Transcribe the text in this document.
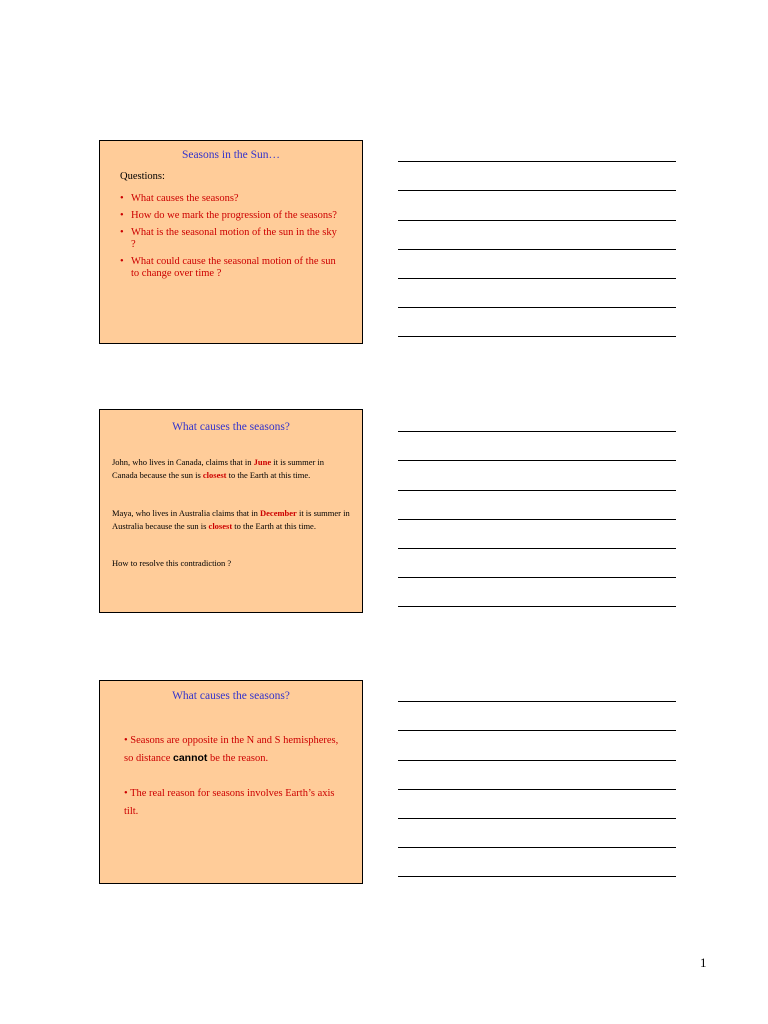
Seasons in the Sun…
Questions:
• What causes the seasons?
• How do we mark the progression of the seasons?
• What is the seasonal motion of the sun in the sky ?
• What could cause the seasonal motion of the sun to change over time ?
What causes the seasons?
John, who lives in Canada, claims that in June it is summer in Canada because the sun is closest to the Earth at this time.
Maya, who lives in Australia claims that in December it is summer in Australia because the sun is closest to the Earth at this time.
How to resolve this contradiction ?
What causes the seasons?
• Seasons are opposite in the N and S hemispheres, so distance cannot be the reason.
• The real reason for seasons involves Earth’s axis tilt.
1
